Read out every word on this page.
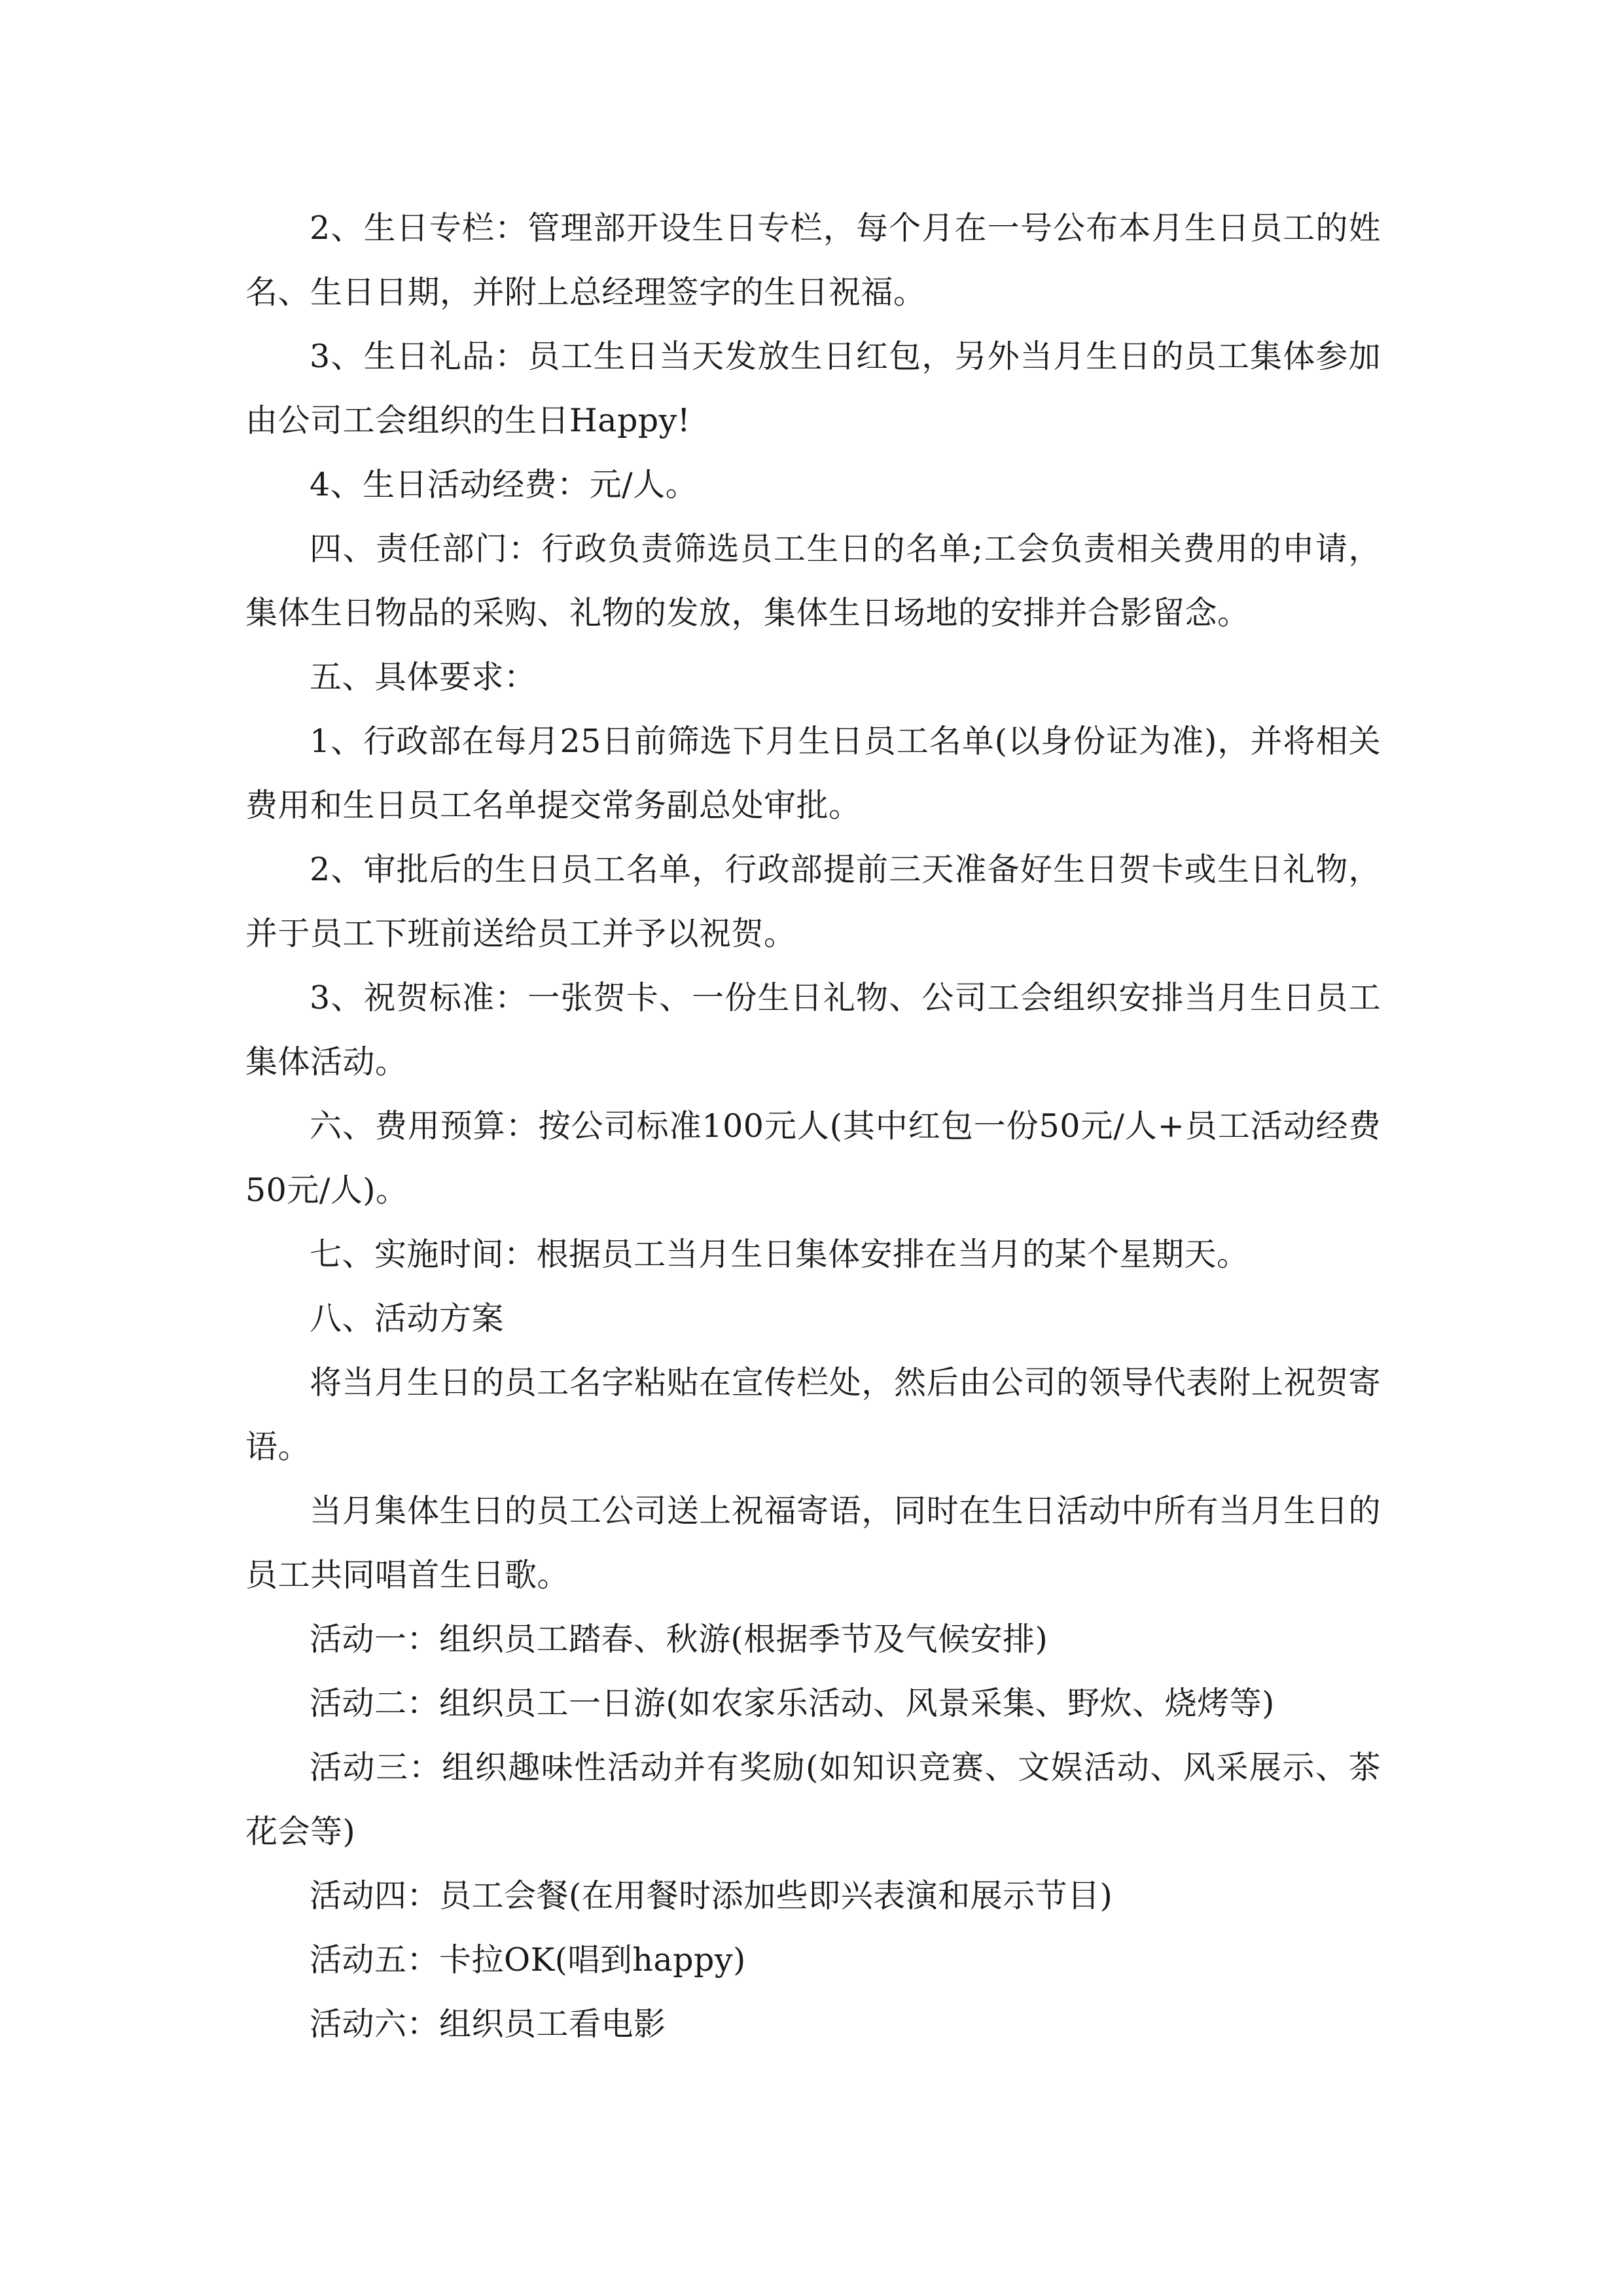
2、生日专栏：管理部开设生日专栏，每个月在一号公布本月生日员工的姓名、生日日期，并附上总经理签字的生日祝福。

3、生日礼品：员工生日当天发放生日红包，另外当月生日的员工集体参加由公司工会组织的生日Happy!

4、生日活动经费：元/人。

四、责任部门：行政负责筛选员工生日的名单;工会负责相关费用的申请，集体生日物品的采购、礼物的发放，集体生日场地的安排并合影留念。

五、具体要求：

1、行政部在每月25日前筛选下月生日员工名单(以身份证为准)，并将相关费用和生日员工名单提交常务副总处审批。

2、审批后的生日员工名单，行政部提前三天准备好生日贺卡或生日礼物，并于员工下班前送给员工并予以祝贺。

3、祝贺标准：一张贺卡、一份生日礼物、公司工会组织安排当月生日员工集体活动。

六、费用预算：按公司标准100元人(其中红包一份50元/人+员工活动经费50元/人)。

七、实施时间：根据员工当月生日集体安排在当月的某个星期天。

八、活动方案

将当月生日的员工名字粘贴在宣传栏处，然后由公司的领导代表附上祝贺寄语。

当月集体生日的员工公司送上祝福寄语，同时在生日活动中所有当月生日的员工共同唱首生日歌。

活动一：组织员工踏春、秋游(根据季节及气候安排)

活动二：组织员工一日游(如农家乐活动、风景采集、野炊、烧烤等)

活动三：组织趣味性活动并有奖励(如知识竞赛、文娱活动、风采展示、茶花会等)

活动四：员工会餐(在用餐时添加些即兴表演和展示节目)

活动五：卡拉OK(唱到happy)

活动六：组织员工看电影
